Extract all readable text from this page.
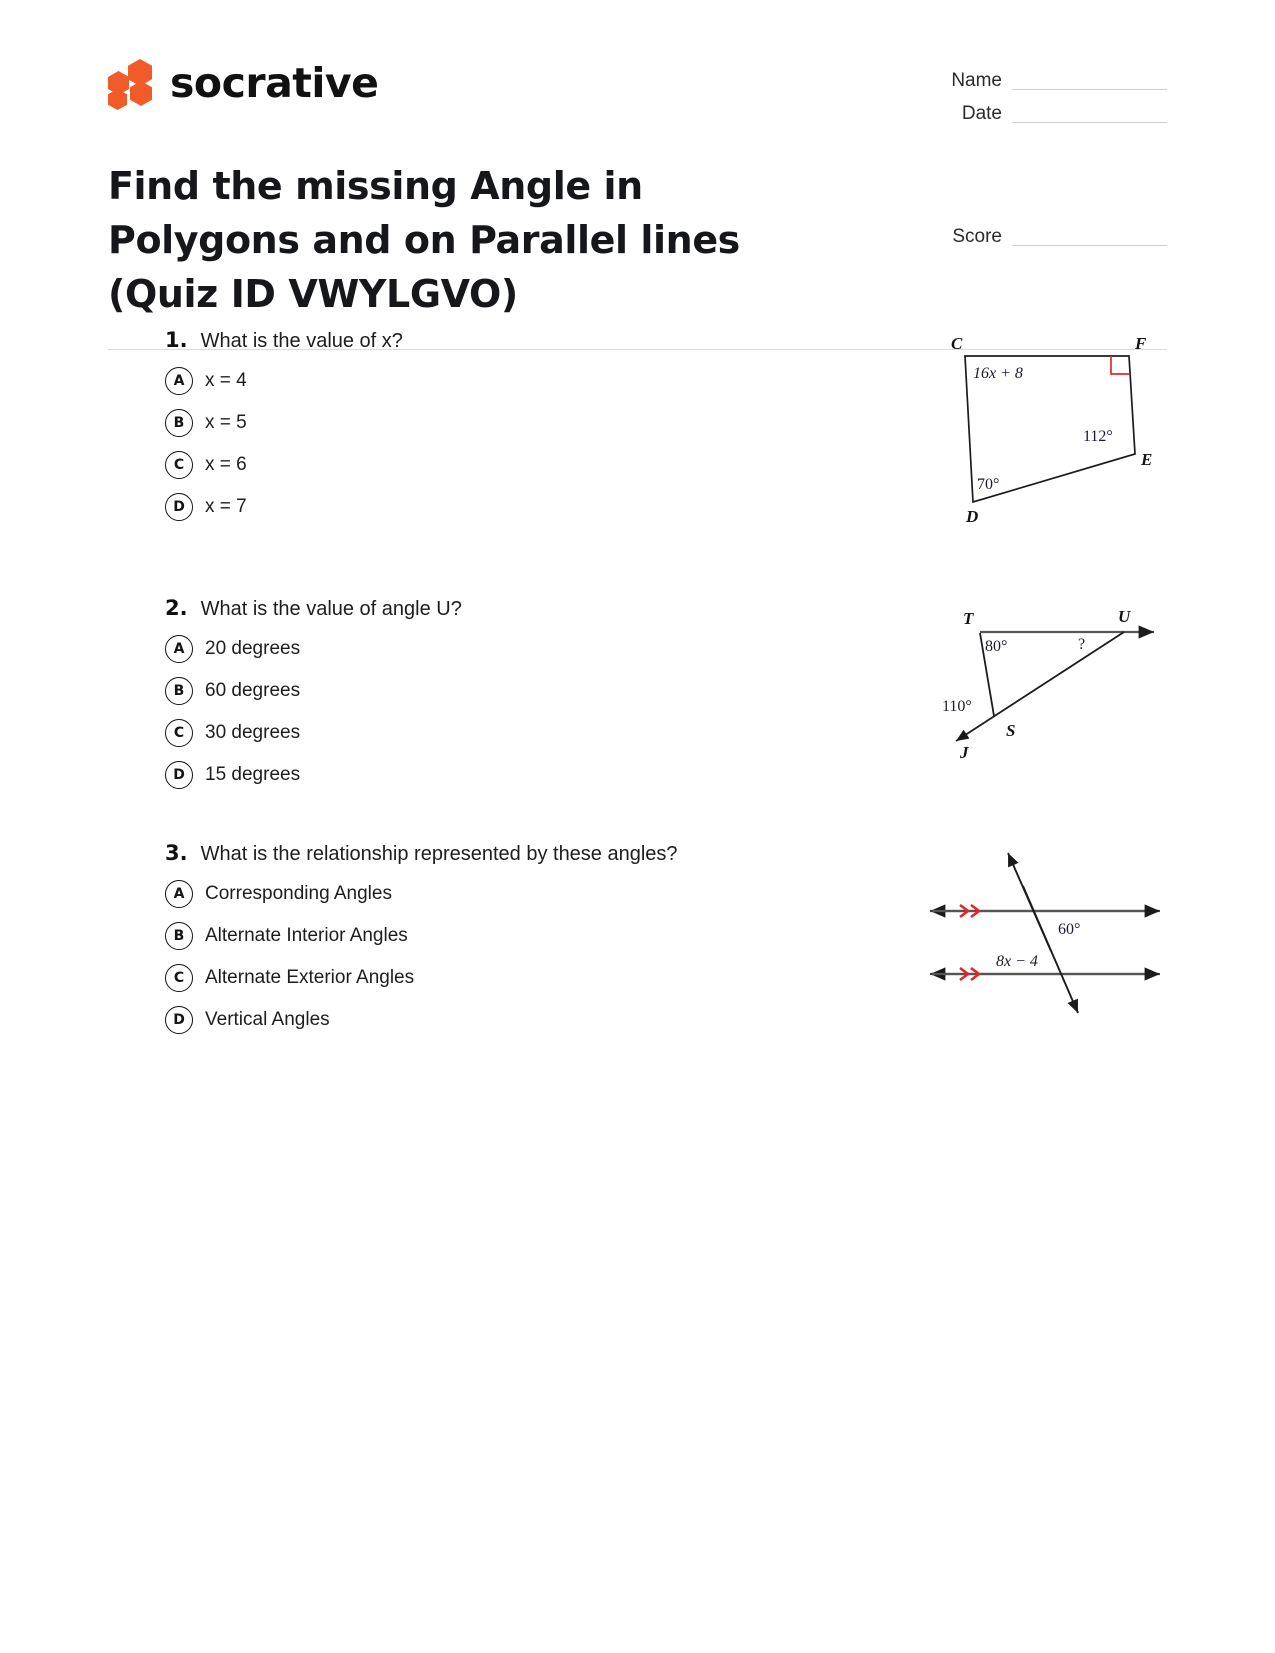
socrative
Find the missing Angle in
Polygons and on Parallel lines
(Quiz ID VWYLGVO)
Name
Date
Score
1. What is the value of x?
A	x = 4
B	x = 5
C	x = 6
D	x = 7
C	F
E
D
16x + 8
70°
112°
2. What is the value of angle U?
A	20 degrees
B	60 degrees
C	30 degrees
D	15 degrees
T	U
S
J
80°
110°
?
3. What is the relationship represented by these angles?
A	Corresponding Angles
B	Alternate Interior Angles
C	Alternate Exterior Angles
D	Vertical Angles
60°
8x − 4
